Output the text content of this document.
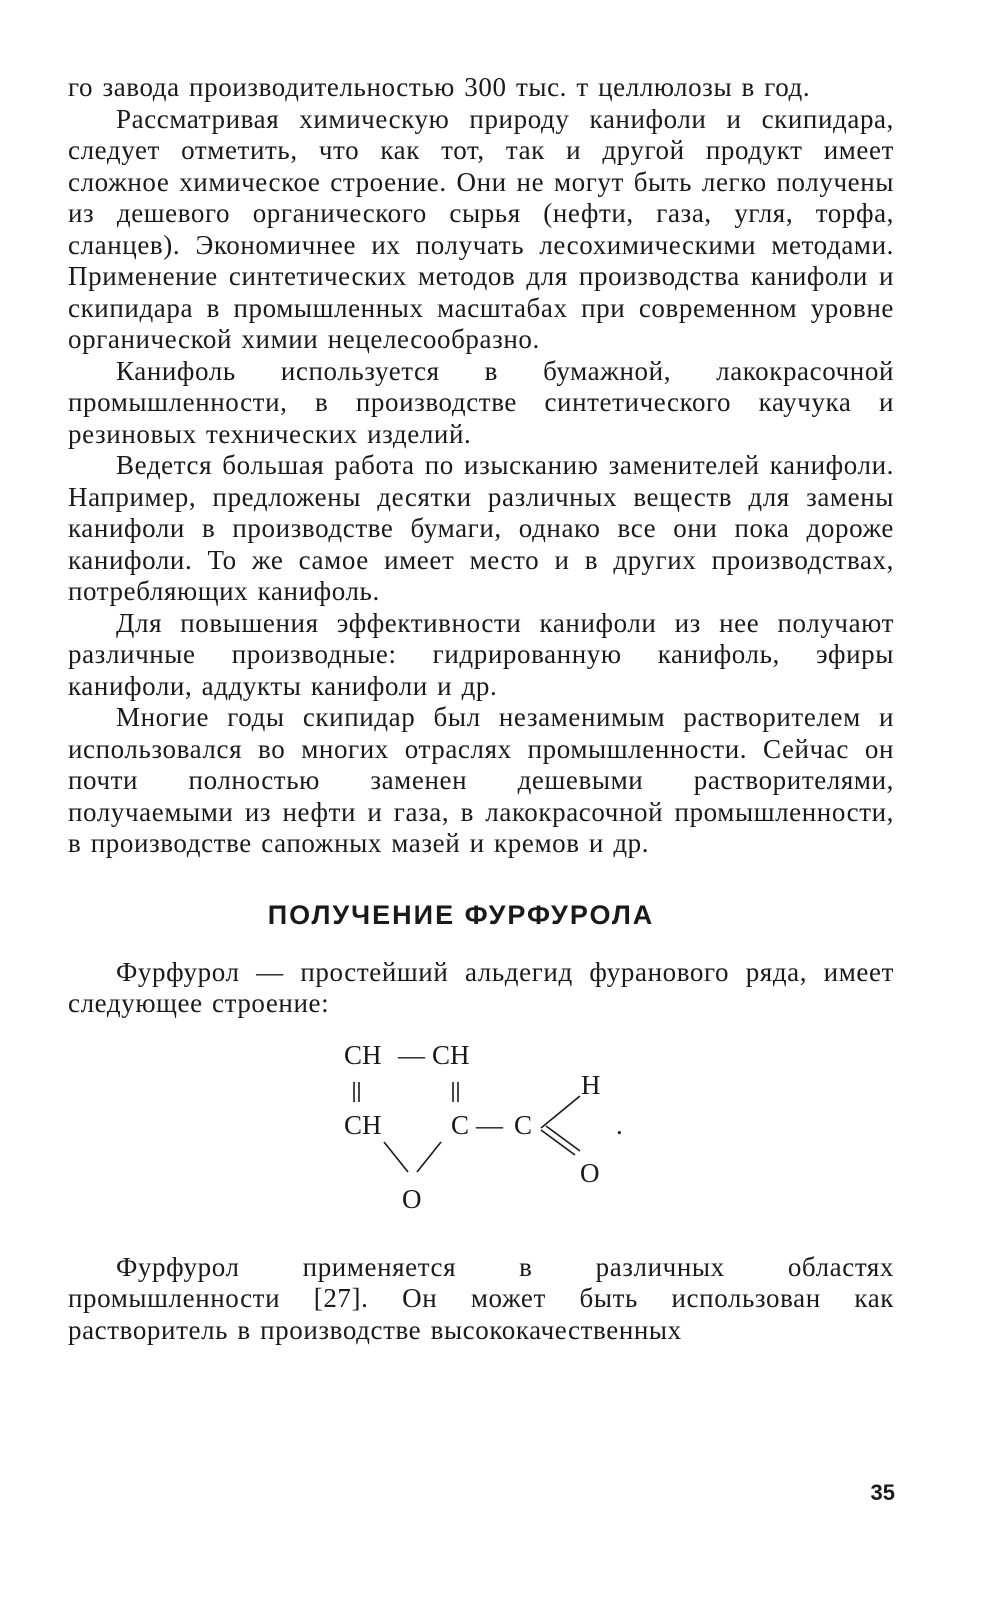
го завода производительностью 300 тыс. т целлюлозы в год.

Рассматривая химическую природу канифоли и скипидара, следует отметить, что как тот, так и другой продукт имеет сложное химическое строение. Они не могут быть легко получены из дешевого органического сырья (нефти, газа, угля, торфа, сланцев). Экономичнее их получать лесохимическими методами. Применение синтетических методов для производства канифоли и скипидара в промышленных масштабах при современном уровне органической химии нецелесообразно.

Канифоль используется в бумажной, лакокрасочной промышленности, в производстве синтетического каучука и резиновых технических изделий.

Ведется большая работа по изысканию заменителей канифоли. Например, предложены десятки различных веществ для замены канифоли в производстве бумаги, однако все они пока дороже канифоли. То же самое имеет место и в других производствах, потребляющих канифоль.

Для повышения эффективности канифоли из нее получают различные производные: гидрированную канифоль, эфиры канифоли, аддукты канифоли и др.

Многие годы скипидар был незаменимым растворителем и использовался во многих отраслях промышленности. Сейчас он почти полностью заменен дешевыми растворителями, получаемыми из нефти и газа, в лакокрасочной промышленности, в производстве сапожных мазей и кремов и др.

ПОЛУЧЕНИЕ ФУРФУРОЛА

Фурфурол — простейший альдегид фуранового ряда, имеет следующее строение:

CH — CH
CH	C — C
H
O
O
.

Фурфурол применяется в различных областях промышленности [27]. Он может быть использован как растворитель в производстве высококачественных

35
